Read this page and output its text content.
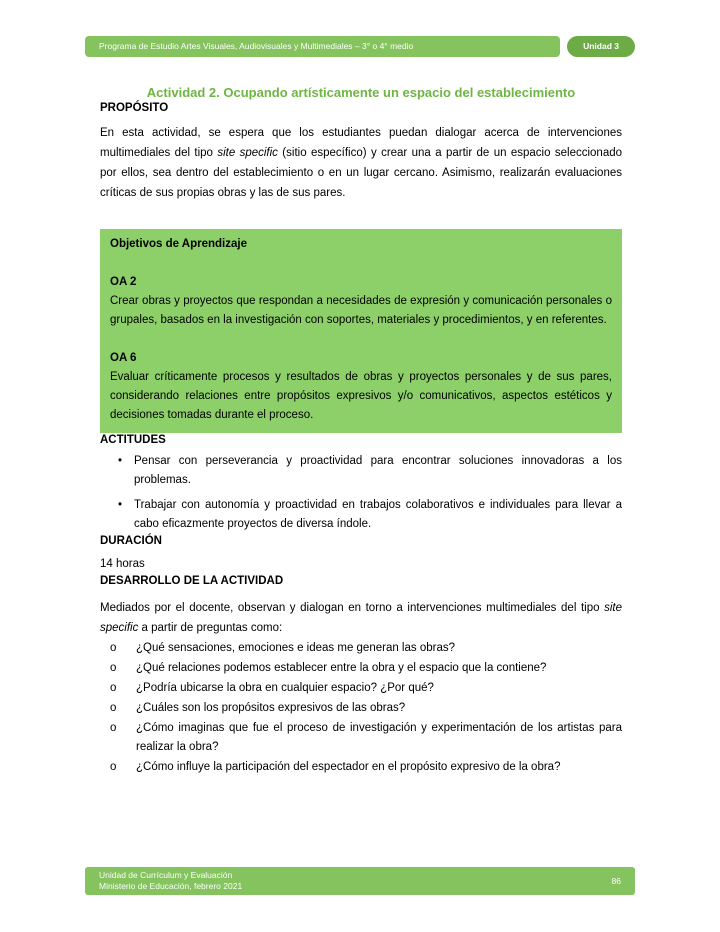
Programa de Estudio Artes Visuales, Audiovisuales y Multimediales – 3° o 4° medio	Unidad 3
Actividad 2. Ocupando artísticamente un espacio del establecimiento
PROPÓSITO

En esta actividad, se espera que los estudiantes puedan dialogar acerca de intervenciones multimediales del tipo site specific (sitio específico) y crear una a partir de un espacio seleccionado por ellos, sea dentro del establecimiento o en un lugar cercano. Asimismo, realizarán evaluaciones críticas de sus propias obras y las de sus pares.

Objetivos de Aprendizaje
OA 2

Crear obras y proyectos que respondan a necesidades de expresión y comunicación personales o grupales, basados en la investigación con soportes, materiales y procedimientos, y en referentes.

OA 6

Evaluar críticamente procesos y resultados de obras y proyectos personales y de sus pares, considerando relaciones entre propósitos expresivos y/o comunicativos, aspectos estéticos y decisiones tomadas durante el proceso.

ACTITUDES
•	Pensar con perseverancia y proactividad para encontrar soluciones innovadoras a los problemas.
•	Trabajar con autonomía y proactividad en trabajos colaborativos e individuales para llevar a cabo eficazmente proyectos de diversa índole.
DURACIÓN

14 horas

DESARROLLO DE LA ACTIVIDAD

Mediados por el docente, observan y dialogan en torno a intervenciones multimediales del tipo site specific a partir de preguntas como:

o	¿Qué sensaciones, emociones e ideas me generan las obras?
o	¿Qué relaciones podemos establecer entre la obra y el espacio que la contiene?
o	¿Podría ubicarse la obra en cualquier espacio? ¿Por qué?
o	¿Cuáles son los propósitos expresivos de las obras?
o	¿Cómo imaginas que fue el proceso de investigación y experimentación de los artistas para realizar la obra?
o	¿Cómo influye la participación del espectador en el propósito expresivo de la obra?
Unidad de Currículum y Evaluación
Ministerio de Educación, febrero 2021
86
